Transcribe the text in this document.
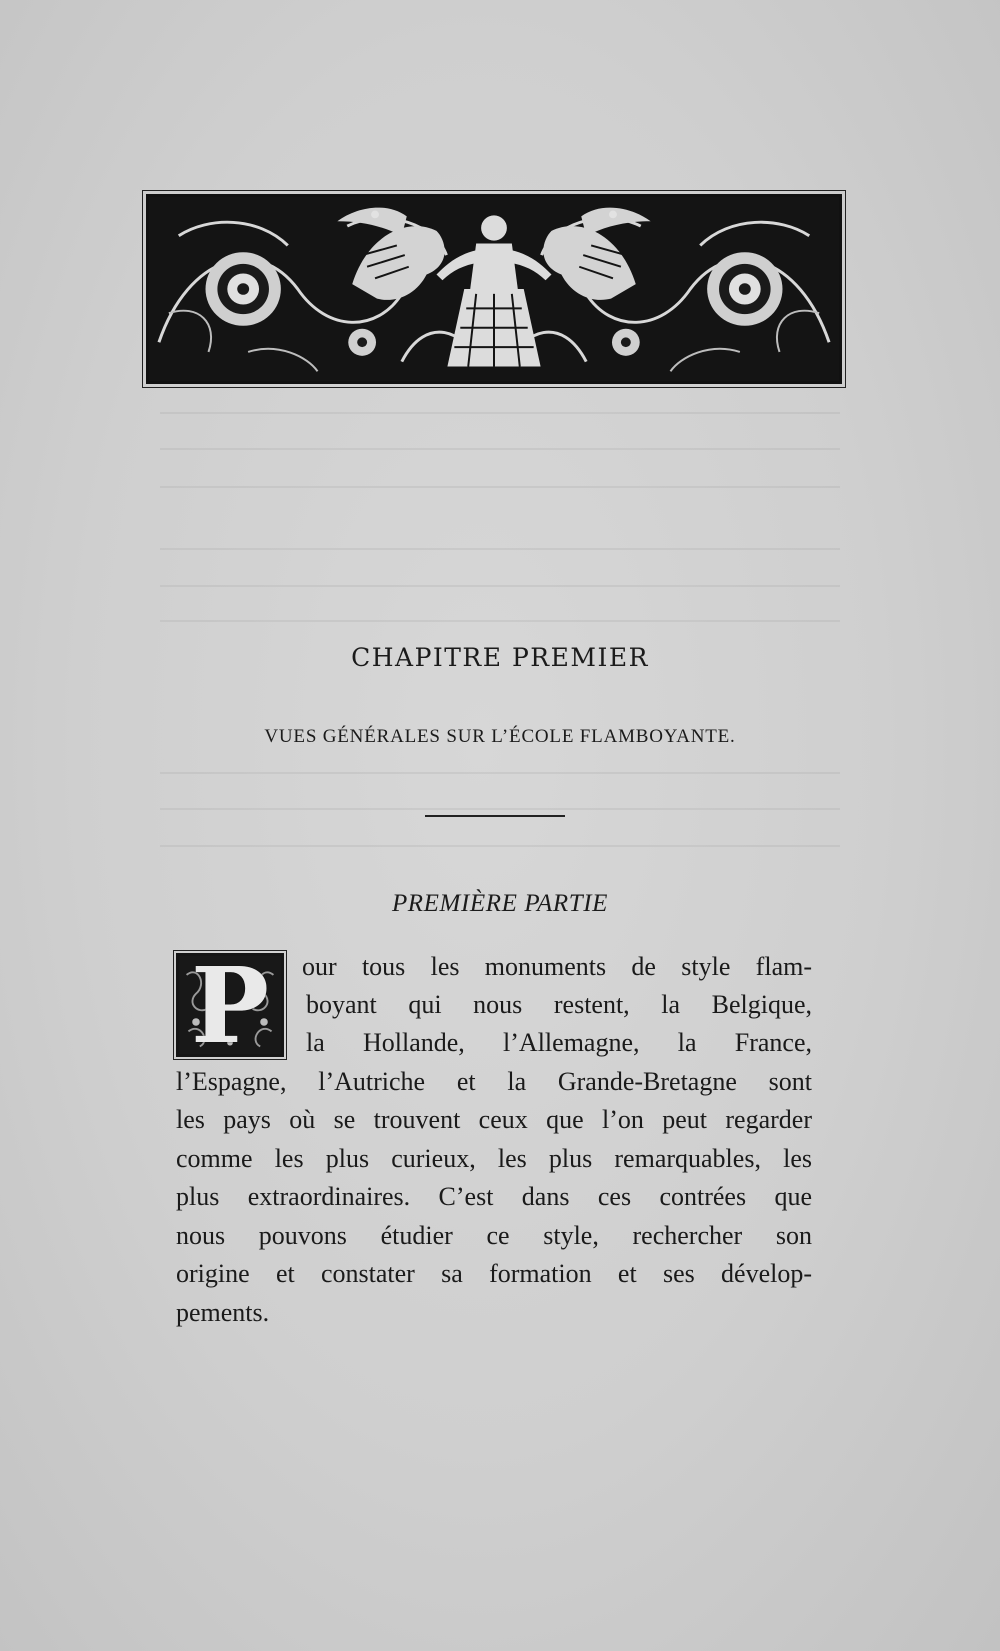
CHAPITRE PREMIER
VUES GÉNÉRALES SUR L’ÉCOLE FLAMBOYANTE.
PREMIÈRE PARTIE
P	our tous les monuments de style flam-
boyant qui nous restent, la Belgique,
la Hollande, l’Allemagne, la France,
l’Espagne, l’Autriche et la Grande-Bretagne sont
les pays où se trouvent ceux que l’on peut regarder
comme les plus curieux, les plus remarquables, les
plus extraordinaires. C’est dans ces contrées que
nous pouvons étudier ce style, rechercher son
origine et constater sa formation et ses dévelop-
pements.
